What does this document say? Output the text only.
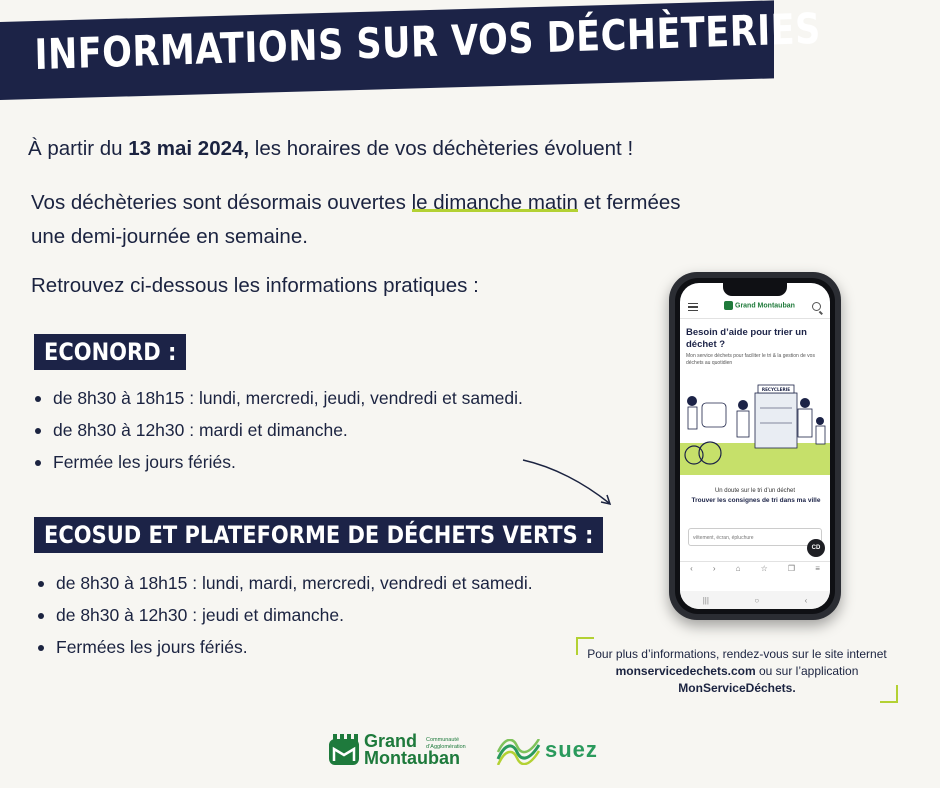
INFORMATIONS SUR VOS DÉCHÈTERIES
À partir du 13 mai 2024, les horaires de vos déchèteries évoluent !
Vos déchèteries sont désormais ouvertes le dimanche matin et fermées
une demi-journée en semaine.
Retrouvez ci-dessous les informations pratiques :
ECONORD :
de 8h30 à 18h15 : lundi, mercredi, jeudi, vendredi et samedi.
de 8h30 à 12h30 : mardi et dimanche.
Fermée les jours fériés.
ECOSUD ET PLATEFORME DE DÉCHETS VERTS :
de 8h30 à 18h15 : lundi, mardi, mercredi, vendredi et samedi.
de 8h30 à 12h30 : jeudi et dimanche.
Fermées les jours fériés.
Grand Montauban
Besoin d’aide pour trier un déchet ?
Mon service déchets pour faciliter le tri & la gestion de vos déchets au quotidien
RECYCLERIE
Un doute sur le tri d’un déchet
Trouver les consignes de tri dans ma ville
vêtement, écran, épluchure
CD
‹	›	⌂	☆	❐	≡
|||	○	‹
Pour plus d’informations, rendez-vous sur le site internet
monservicedechets.com ou sur l’application
MonServiceDéchets.
Grand
Montauban
Communauté
d’Agglomération	suez
